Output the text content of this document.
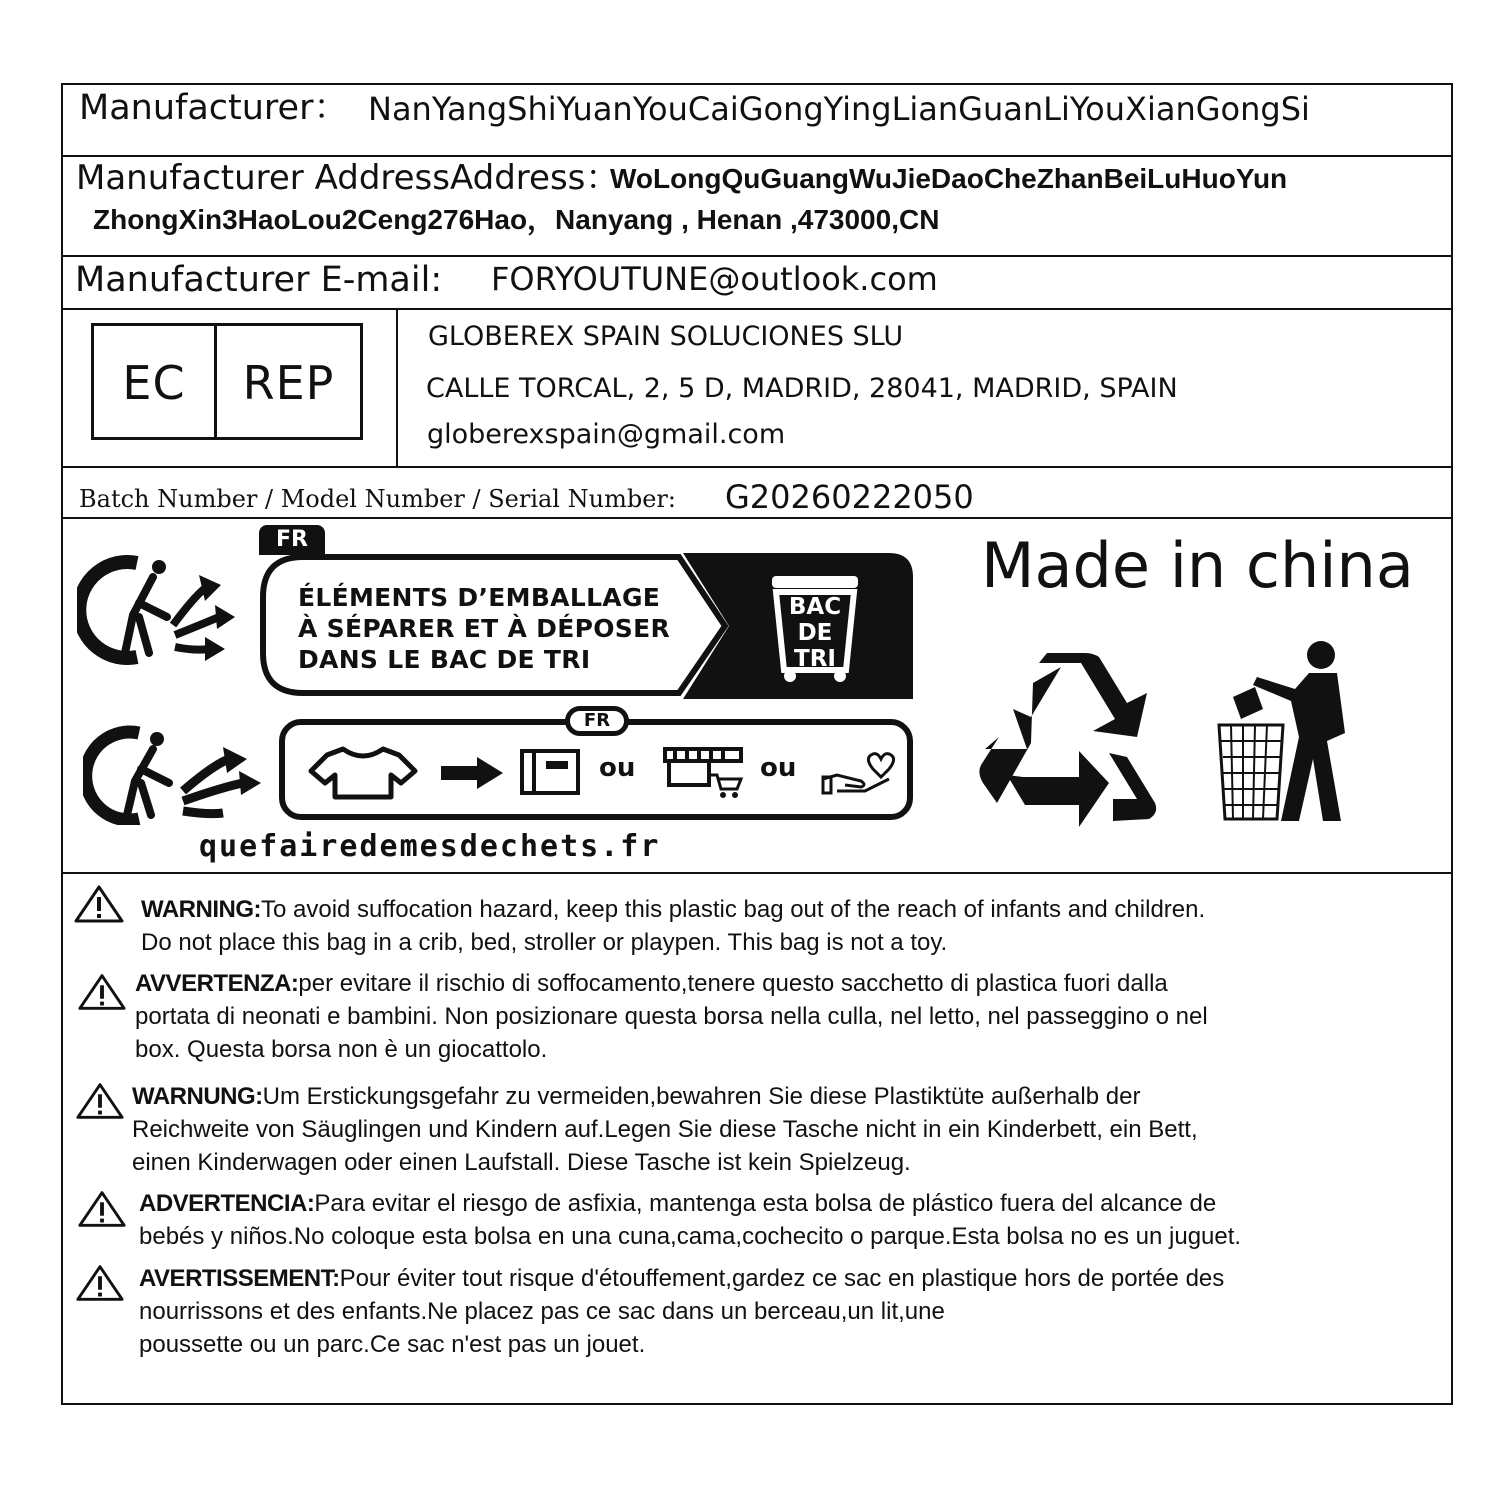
Manufacturer： NanYangShiYuanYouCaiGongYingLianGuanLiYouXianGongSi
Manufacturer AddressAddress：
WoLongQuGuangWuJieDaoCheZhanBeiLuHuoYun
ZhongXin3HaoLou2Ceng276Hao，Nanyang , Henan ,473000,CN
Manufacturer E-mail: FORYOUTUNE@outlook.com
EC	REP
GLOBEREX SPAIN SOLUCIONES SLU
CALLE TORCAL, 2, 5 D, MADRID, 28041, MADRID, SPAIN
globerexspain@gmail.com
Batch Number / Model Number / Serial Number: G20260222050
FR
ÉLÉMENTS D’EMBALLAGE
À SÉPARER ET À DÉPOSER
DANS LE BAC DE TRI
BAC
DE
TRI
FR
ou	ou
quefairedemesdechets.fr
Made in china
WARNING:To avoid suffocation hazard, keep this plastic bag out of the reach of infants and children.
Do not place this bag in a crib, bed, stroller or playpen. This bag is not a toy.
AVVERTENZA:per evitare il rischio di soffocamento,tenere questo sacchetto di plastica fuori dalla
portata di neonati e bambini. Non posizionare questa borsa nella culla, nel letto, nel passeggino o nel
box. Questa borsa non è un giocattolo.
WARNUNG:Um Erstickungsgefahr zu vermeiden,bewahren Sie diese Plastiktüte außerhalb der
Reichweite von Säuglingen und Kindern auf.Legen Sie diese Tasche nicht in ein Kinderbett, ein Bett,
einen Kinderwagen oder einen Laufstall. Diese Tasche ist kein Spielzeug.
ADVERTENCIA:Para evitar el riesgo de asfixia, mantenga esta bolsa de plástico fuera del alcance de
bebés y niños.No coloque esta bolsa en una cuna,cama,cochecito o parque.Esta bolsa no es un juguet.
AVERTISSEMENT:Pour éviter tout risque d'étouffement,gardez ce sac en plastique hors de portée des
nourrissons et des enfants.Ne placez pas ce sac dans un berceau,un lit,une
poussette ou un parc.Ce sac n'est pas un jouet.
